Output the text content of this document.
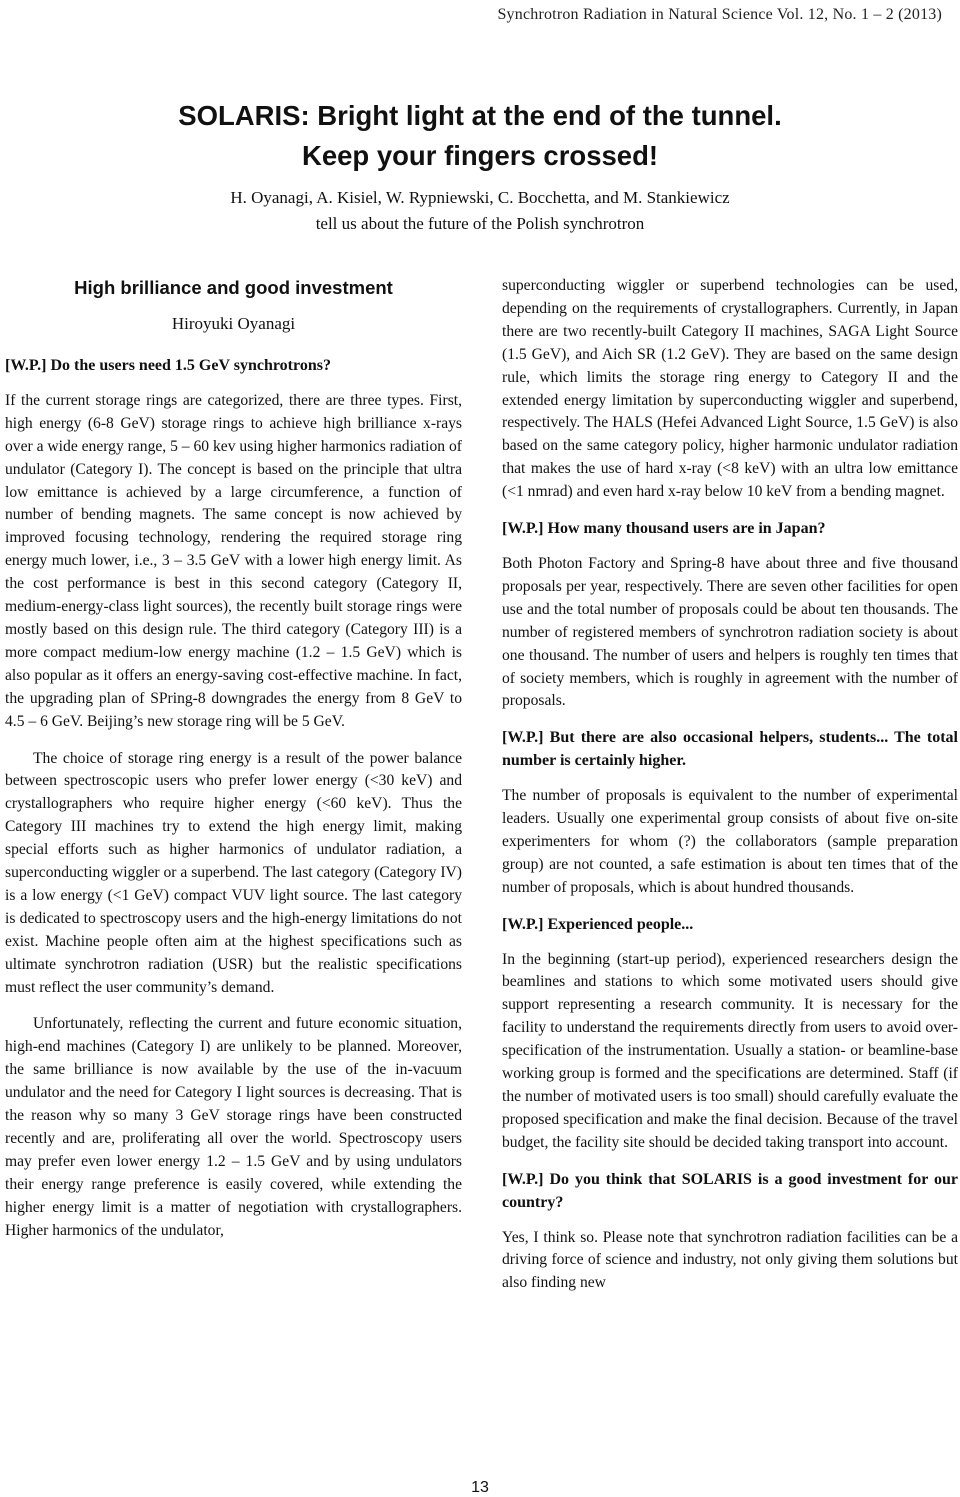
Synchrotron Radiation in Natural Science Vol. 12, No. 1 – 2 (2013)
SOLARIS: Bright light at the end of the tunnel.
Keep your fingers crossed!
H. Oyanagi, A. Kisiel, W. Rypniewski, C. Bocchetta, and M. Stankiewicz
tell us about the future of the Polish synchrotron

High brilliance and good investment

Hiroyuki Oyanagi

[W.P.] Do the users need 1.5 GeV synchrotrons?

If the current storage rings are categorized, there are three types. First, high energy (6-8 GeV) storage rings to achieve high brilliance x-rays over a wide energy range, 5 – 60 kev using higher harmonics radiation of undulator (Category I). The concept is based on the principle that ultra low emittance is achieved by a large circumference, a function of number of bending magnets. The same concept is now achieved by improved focusing technology, rendering the required storage ring energy much lower, i.e., 3 – 3.5 GeV with a lower high energy limit. As the cost performance is best in this second category (Category II, medium-energy-class light sources), the recently built storage rings were mostly based on this design rule. The third category (Category III) is a more compact medium-low energy machine (1.2 – 1.5 GeV) which is also popular as it offers an energy-saving cost-effective machine. In fact, the upgrading plan of SPring-8 downgrades the energy from 8 GeV to 4.5 – 6 GeV. Beijing’s new storage ring will be 5 GeV.

The choice of storage ring energy is a result of the power balance between spectroscopic users who prefer lower energy (<30 keV) and crystallographers who require higher energy (<60 keV). Thus the Category III machines try to extend the high energy limit, making special efforts such as higher harmonics of undulator radiation, a superconducting wiggler or a superbend. The last category (Category IV) is a low energy (<1 GeV) compact VUV light source. The last category is dedicated to spectroscopy users and the high-energy limitations do not exist. Machine people often aim at the highest specifications such as ultimate synchrotron radiation (USR) but the realistic specifications must reflect the user community’s demand.

Unfortunately, reflecting the current and future economic situation, high-end machines (Category I) are unlikely to be planned. Moreover, the same brilliance is now available by the use of the in-vacuum undulator and the need for Category I light sources is decreasing. That is the reason why so many 3 GeV storage rings have been constructed recently and are, proliferating all over the world. Spectroscopy users may prefer even lower energy 1.2 – 1.5 GeV and by using undulators their energy range preference is easily covered, while extending the higher energy limit is a matter of negotiation with crystallographers. Higher harmonics of the undulator,

superconducting wiggler or superbend technologies can be used, depending on the requirements of crystallographers. Currently, in Japan there are two recently-built Category II machines, SAGA Light Source (1.5 GeV), and Aich SR (1.2 GeV). They are based on the same design rule, which limits the storage ring energy to Category II and the extended energy limitation by superconducting wiggler and superbend, respectively. The HALS (Hefei Advanced Light Source, 1.5 GeV) is also based on the same category policy, higher harmonic undulator radiation that makes the use of hard x-ray (<8 keV) with an ultra low emittance (<1 nmrad) and even hard x-ray below 10 keV from a bending magnet.

[W.P.] How many thousand users are in Japan?

Both Photon Factory and Spring-8 have about three and five thousand proposals per year, respectively. There are seven other facilities for open use and the total number of proposals could be about ten thousands. The number of registered members of synchrotron radiation society is about one thousand. The number of users and helpers is roughly ten times that of society members, which is roughly in agreement with the number of proposals.

[W.P.] But there are also occasional helpers, students... The total number is certainly higher.

The number of proposals is equivalent to the number of experimental leaders. Usually one experimental group consists of about five on-site experimenters for whom (?) the collaborators (sample preparation group) are not counted, a safe estimation is about ten times that of the number of proposals, which is about hundred thousands.

[W.P.] Experienced people...

In the beginning (start-up period), experienced researchers design the beamlines and stations to which some motivated users should give support representing a research community. It is necessary for the facility to understand the requirements directly from users to avoid over-specification of the instrumentation. Usually a station- or beamline-base working group is formed and the specifications are determined. Staff (if the number of motivated users is too small) should carefully evaluate the proposed specification and make the final decision. Because of the travel budget, the facility site should be decided taking transport into account.

[W.P.] Do you think that SOLARIS is a good investment for our country?

Yes, I think so. Please note that synchrotron radiation facilities can be a driving force of science and industry, not only giving them solutions but also finding new

13
